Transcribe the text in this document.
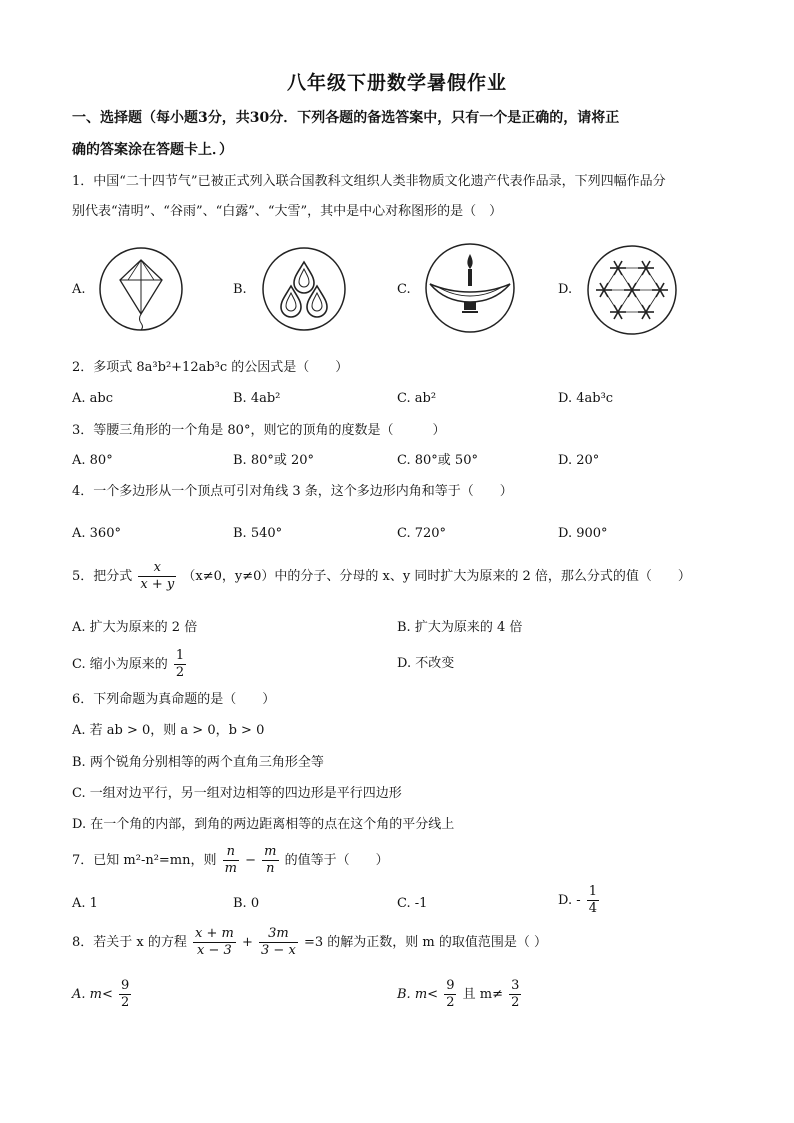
八年级下册数学暑假作业
一、选择题（每小题3分，共30分．下列各题的备选答案中，只有一个是正确的，请将正
确的答案涂在答题卡上．）
1．中国“二十四节气”已被正式列入联合国教科文组织人类非物质文化遗产代表作品录，下列四幅作品分
别代表“清明”、“谷雨”、“白露”、“大雪”，其中是中心对称图形的是（　）
A.	B.	C.	D.
2．多项式 8a³b²+12ab³c 的公因式是（　　）
A. abc	B. 4ab²	C. ab²	D. 4ab³c
3．等腰三角形的一个角是 80°，则它的顶角的度数是（　　　）
A. 80°	B. 80°或 20°	C. 80°或 50°	D. 20°
4．一个多边形从一个顶点可引对角线 3 条，这个多边形内角和等于（　　）
A. 360°	B. 540°	C. 720°	D. 900°
5．把分式 $\frac{x}{x + y} (x\ne 0$，y≠0）中的分子、分母的 x、y 同时扩大为原来的 2 倍，那么分式的值（　　）
A. 扩大为原来的 2 倍	B. 扩大为原来的 4 倍
C. 缩小为原来的 $\frac{1}{2}$	D. 不改变
6．下列命题为真命题的是（　　）
A. 若 ab > 0，则 a > 0，b > 0
B. 两个锐角分别相等的两个直角三角形全等
C. 一组对边平行，另一组对边相等的四边形是平行四边形
D. 在一个角的内部，到角的两边距离相等的点在这个角的平分线上
7．已知 m²-n²=mn，则 $\frac{n}{m} - \frac{m}{n}$ 的值等于（　　）
A. 1	B. 0	C. -1	D. - $\frac{1}{4}$
8．若关于 x 的方程 $\frac{x + m}{x - 3} + \frac{3m}{3 - x} =3$ 的解为正数，则 m 的取值范围是（ ）
A. $m< \frac{9}{2}$	B. $m< \frac{9}{2}$ 且 $m\ne \frac{3}{2}$
